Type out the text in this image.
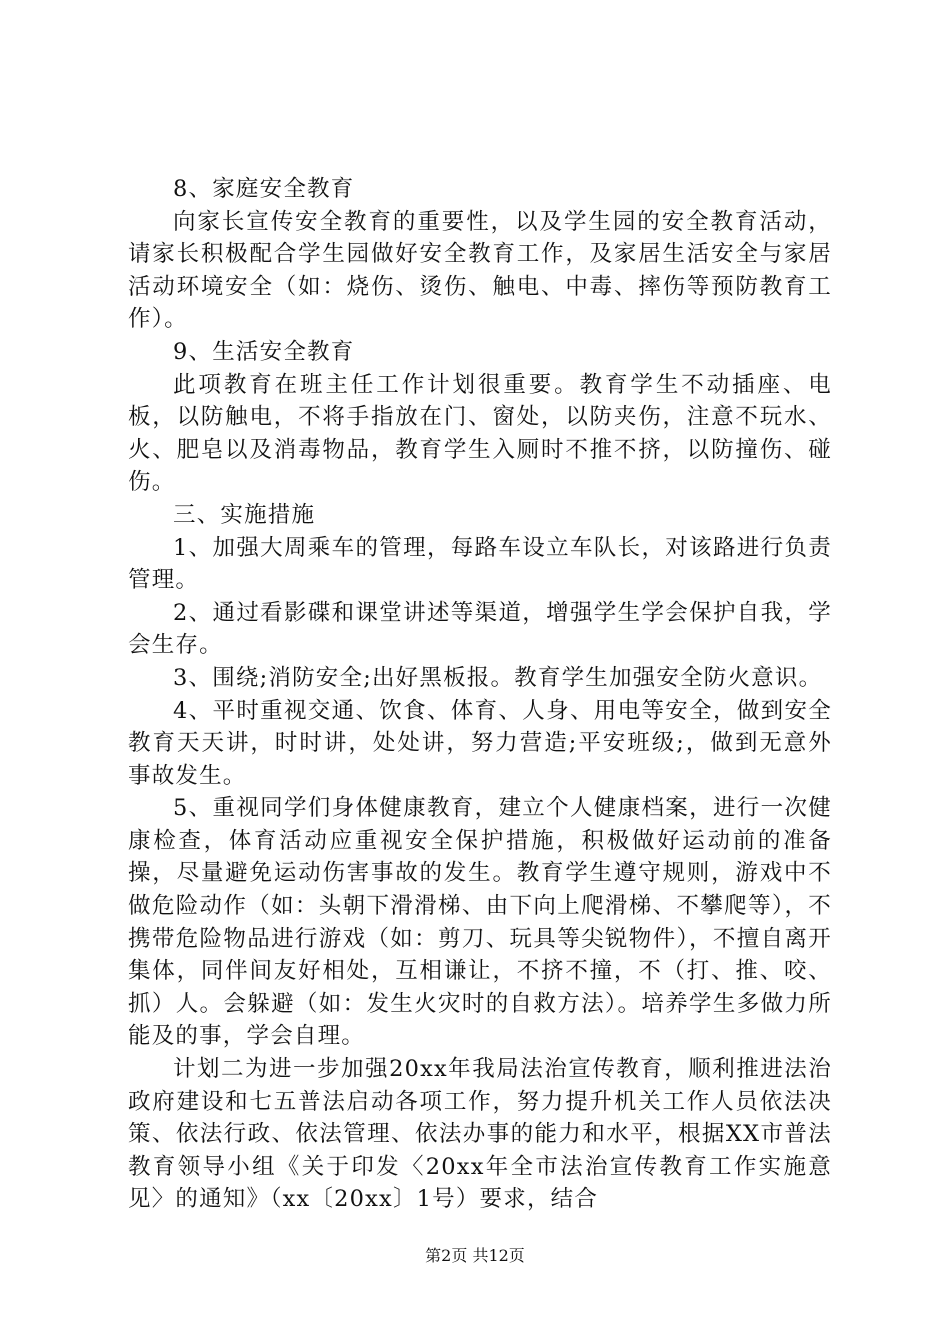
8、家庭安全教育

向家长宣传安全教育的重要性，以及学生园的安全教育活动，请家长积极配合学生园做好安全教育工作，及家居生活安全与家居活动环境安全（如：烧伤、烫伤、触电、中毒、摔伤等预防教育工作）。

9、生活安全教育

此项教育在班主任工作计划很重要。教育学生不动插座、电板，以防触电，不将手指放在门、窗处，以防夹伤，注意不玩水、火、肥皂以及消毒物品，教育学生入厕时不推不挤，以防撞伤、碰伤。

三、实施措施

1、加强大周乘车的管理，每路车设立车队长，对该路进行负责管理。

2、通过看影碟和课堂讲述等渠道，增强学生学会保护自我，学会生存。

3、围绕;消防安全;出好黑板报。教育学生加强安全防火意识。

4、平时重视交通、饮食、体育、人身、用电等安全，做到安全教育天天讲，时时讲，处处讲，努力营造;平安班级;，做到无意外事故发生。

5、重视同学们身体健康教育，建立个人健康档案，进行一次健康检查，体育活动应重视安全保护措施，积极做好运动前的准备操，尽量避免运动伤害事故的发生。教育学生遵守规则，游戏中不做危险动作（如：头朝下滑滑梯、由下向上爬滑梯、不攀爬等），不携带危险物品进行游戏（如：剪刀、玩具等尖锐物件），不擅自离开集体，同伴间友好相处，互相谦让，不挤不撞，不（打、推、咬、抓）人。会躲避（如：发生火灾时的自救方法）。培养学生多做力所能及的事，学会自理。

计划二为进一步加强20xx年我局法治宣传教育，顺利推进法治政府建设和七五普法启动各项工作，努力提升机关工作人员依法决策、依法行政、依法管理、依法办事的能力和水平，根据XX市普法教育领导小组《关于印发〈20xx年全市法治宣传教育工作实施意见〉的通知》（xx〔20xx〕1号）要求，结合

第2页 共12页
